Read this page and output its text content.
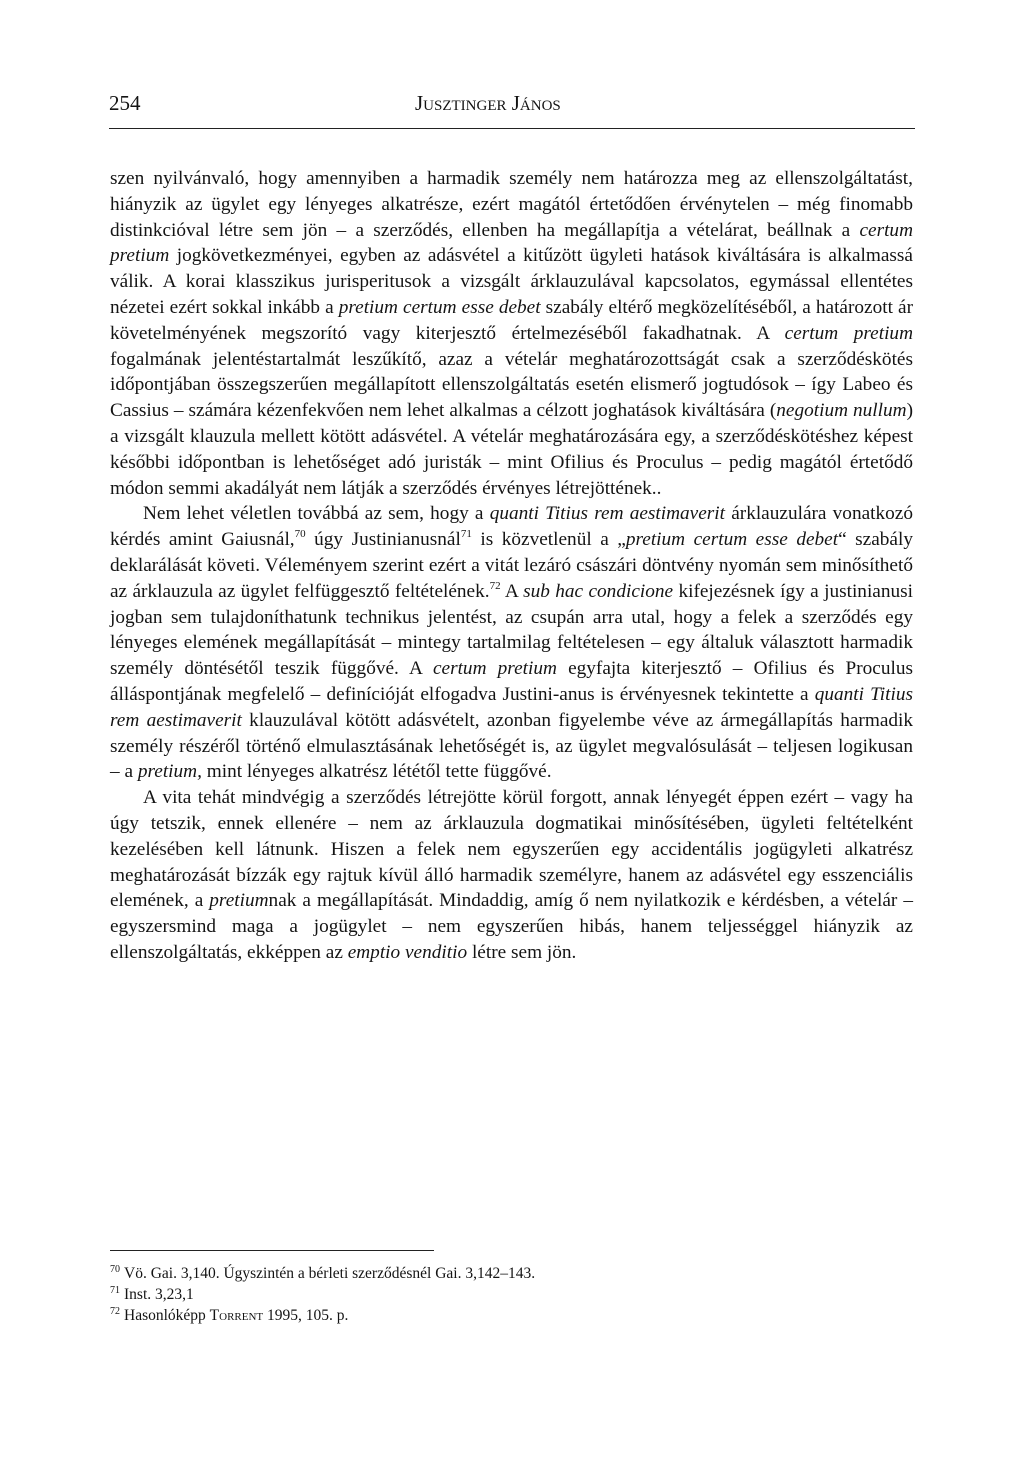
254	Jusztinger János

szen nyilvánvaló, hogy amennyiben a harmadik személy nem határozza meg az ellenszolgáltatást, hiányzik az ügylet egy lényeges alkatrésze, ezért magától értetődően érvénytelen – még finomabb distinkcióval létre sem jön – a szerződés, ellenben ha megállapítja a vételárat, beállnak a certum pretium jogkövetkezményei, egyben az adásvétel a kitűzött ügyleti hatások kiváltására is alkalmassá válik. A korai klasszikus jurisperitusok a vizsgált árklauzulával kapcsolatos, egymással ellentétes nézetei ezért sokkal inkább a pretium certum esse debet szabály eltérő megközelítéséből, a határozott ár követelményének megszorító vagy kiterjesztő értelmezéséből fakadhatnak. A certum pretium fogalmának jelentéstartalmát leszűkítő, azaz a vételár meghatározottságát csak a szerződéskötés időpontjában összegszerűen megállapított ellenszolgáltatás esetén elismerő jogtudósok – így Labeo és Cassius – számára kézenfekvően nem lehet alkalmas a célzott joghatások kiváltására (negotium nullum) a vizsgált klauzula mellett kötött adásvétel. A vételár meghatározására egy, a szerződéskötéshez képest későbbi időpontban is lehetőséget adó juristák – mint Ofilius és Proculus – pedig magától értetődő módon semmi akadályát nem látják a szerződés érvényes létrejöttének..

Nem lehet véletlen továbbá az sem, hogy a quanti Titius rem aestimaverit árklauzulára vonatkozó kérdés amint Gaiusnál,$^{70}$ úgy Justinianusnál$^{71}$ is közvetlenül a „pretium certum esse debet“ szabály deklarálását követi. Véleményem szerint ezért a vitát lezáró császári döntvény nyomán sem minősíthető az árklauzula az ügylet felfüggesztő feltételének.$^{72}$ A sub hac condicione kifejezésnek így a justinianusi jogban sem tulajdoníthatunk technikus jelentést, az csupán arra utal, hogy a felek a szerződés egy lényeges elemének megállapítását – mintegy tartalmilag feltételesen – egy általuk választott harmadik személy döntésétől teszik függővé. A certum pretium egyfajta kiterjesztő – Ofilius és Proculus álláspontjának megfelelő – definícióját elfogadva Justini-anus is érvényesnek tekintette a quanti Titius rem aestimaverit klauzulával kötött adásvételt, azonban figyelembe véve az ármegállapítás harmadik személy részéről történő elmulasztásának lehetőségét is, az ügylet megvalósulását – teljesen logikusan – a pretium, mint lényeges alkatrész lététől tette függővé.

A vita tehát mindvégig a szerződés létrejötte körül forgott, annak lényegét éppen ezért – vagy ha úgy tetszik, ennek ellenére – nem az árklauzula dogmatikai minősítésében, ügyleti feltételként kezelésében kell látnunk. Hiszen a felek nem egyszerűen egy accidentális jogügyleti alkatrész meghatározását bízzák egy rajtuk kívül álló harmadik személyre, hanem az adásvétel egy esszenciális elemének, a pretiumnak a megállapítását. Mindaddig, amíg ő nem nyilatkozik e kérdésben, a vételár – egyszersmind maga a jogügylet – nem egyszerűen hibás, hanem teljességgel hiányzik az ellenszolgáltatás, ekképpen az emptio venditio létre sem jön.

$^{70}$ Vö. Gai. 3,140. Úgyszintén a bérleti szerződésnél Gai. 3,142–143.

$^{71}$ Inst. 3,23,1

$^{72}$ Hasonlóképp Torrent 1995, 105. p.
